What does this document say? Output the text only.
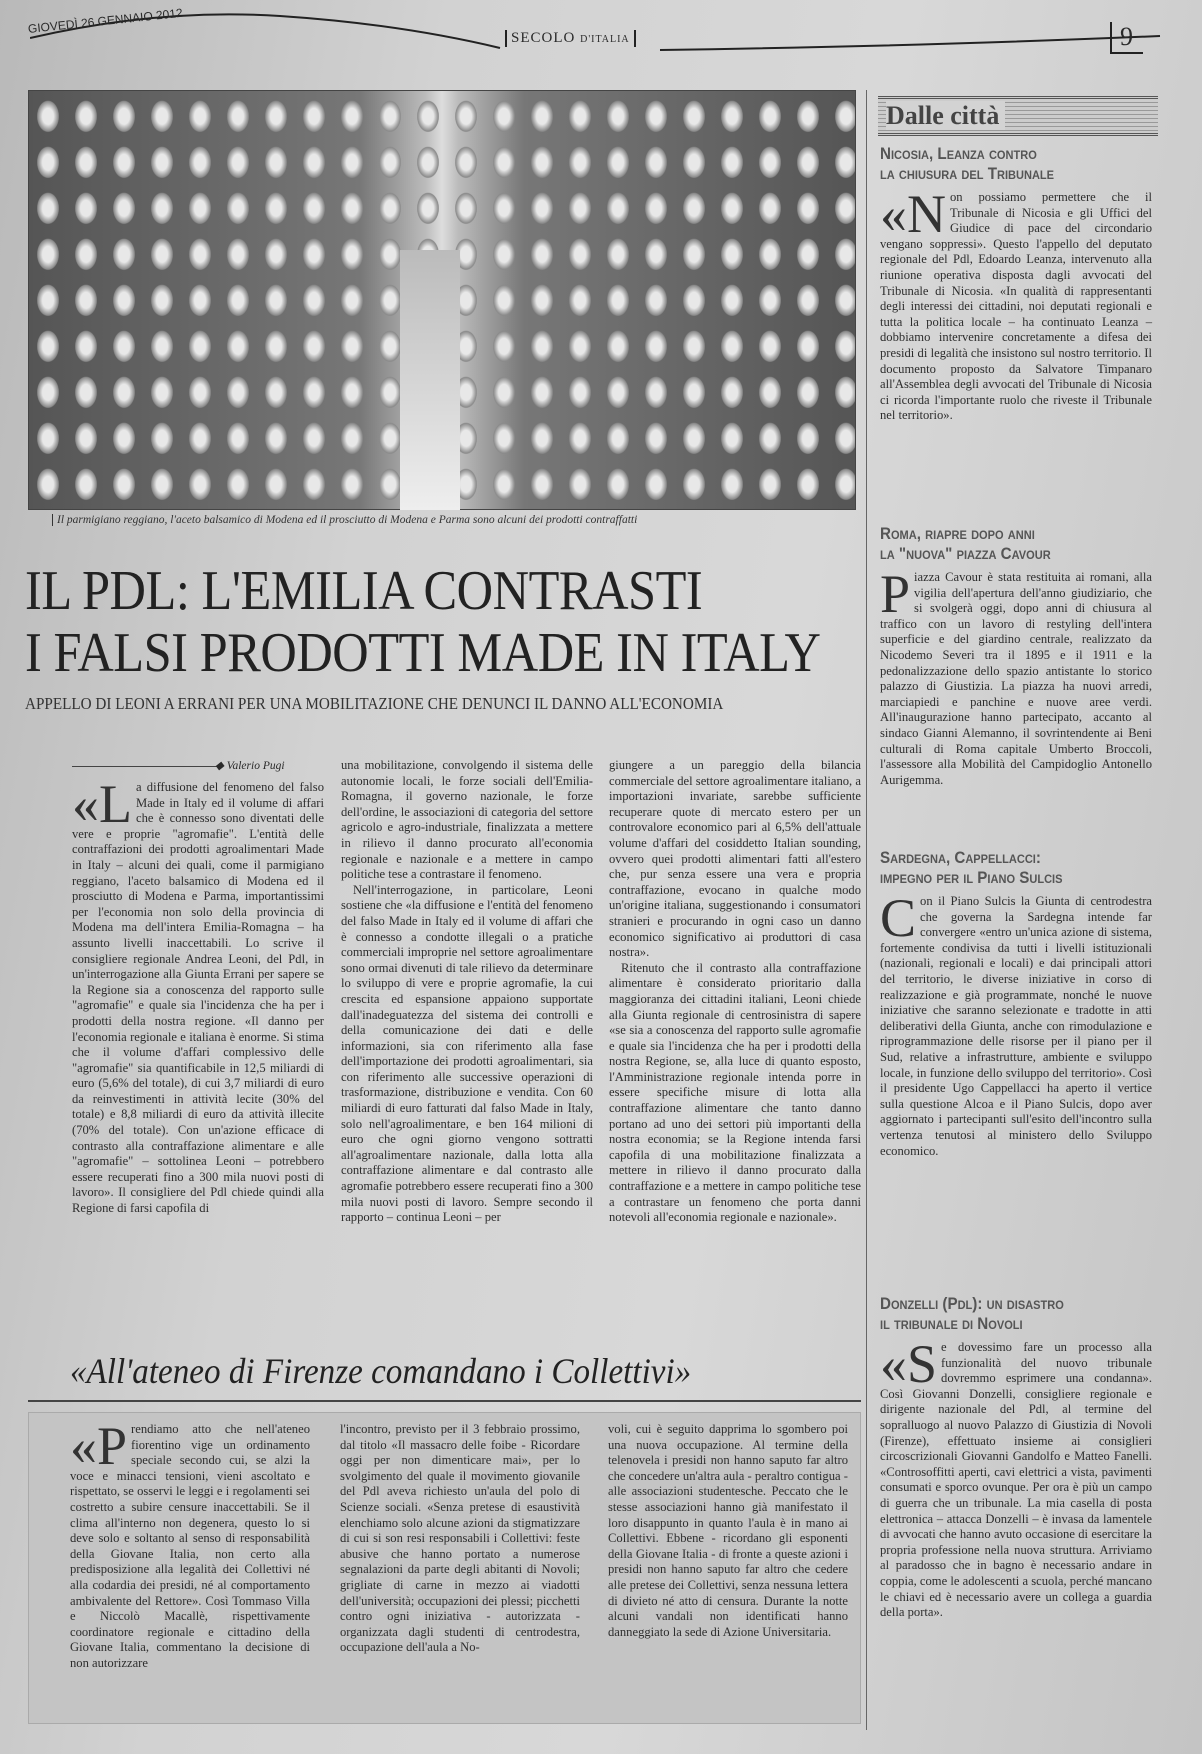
GIOVEDÌ 26 GENNAIO 2012
SECOLO D'ITALIA	9
Il parmigiano reggiano, l'aceto balsamico di Modena ed il prosciutto di Modena e Parma sono alcuni dei prodotti contraffatti
IL PDL: L'EMILIA CONTRASTI
I FALSI PRODOTTI MADE IN ITALY
APPELLO DI LEONI A ERRANI PER UNA MOBILITAZIONE CHE DENUNCI IL DANNO ALL'ECONOMIA
◆ Valerio Pugi

«La diffusione del fenomeno del falso Made in Italy ed il volume di affari che è connesso sono diventati delle vere e proprie "agromafie". L'entità delle contraffazioni dei prodotti agroalimentari Made in Italy – alcuni dei quali, come il parmigiano reggiano, l'aceto balsamico di Modena ed il prosciutto di Modena e Parma, importantissimi per l'economia non solo della provincia di Modena ma dell'intera Emilia-Romagna – ha assunto livelli inaccettabili. Lo scrive il consigliere regionale Andrea Leoni, del Pdl, in un'interrogazione alla Giunta Errani per sapere se la Regione sia a conoscenza del rapporto sulle "agromafie" e quale sia l'incidenza che ha per i prodotti della nostra regione. «Il danno per l'economia regionale e italiana è enorme. Si stima che il volume d'affari complessivo delle "agromafie" sia quantificabile in 12,5 miliardi di euro (5,6% del totale), di cui 3,7 miliardi di euro da reinvestimenti in attività lecite (30% del totale) e 8,8 miliardi di euro da attività illecite (70% del totale). Con un'azione efficace di contrasto alla contraffazione alimentare e alle "agromafie" – sottolinea Leoni – potrebbero essere recuperati fino a 300 mila nuovi posti di lavoro». Il consigliere del Pdl chiede quindi alla Regione di farsi capofila di

una mobilitazione, convolgendo il sistema delle autonomie locali, le forze sociali dell'Emilia-Romagna, il governo nazionale, le forze dell'ordine, le associazioni di categoria del settore agricolo e agro-industriale, finalizzata a mettere in rilievo il danno procurato all'economia regionale e nazionale e a mettere in campo politiche tese a contrastare il fenomeno.

Nell'interrogazione, in particolare, Leoni sostiene che «la diffusione e l'entità del fenomeno del falso Made in Italy ed il volume di affari che è connesso a condotte illegali o a pratiche commerciali improprie nel settore agroalimentare sono ormai divenuti di tale rilievo da determinare lo sviluppo di vere e proprie agromafie, la cui crescita ed espansione appaiono supportate dall'inadeguatezza del sistema dei controlli e della comunicazione dei dati e delle informazioni, sia con riferimento alla fase dell'importazione dei prodotti agroalimentari, sia con riferimento alle successive operazioni di trasformazione, distribuzione e vendita. Con 60 miliardi di euro fatturati dal falso Made in Italy, solo nell'agroalimentare, e ben 164 milioni di euro che ogni giorno vengono sottratti all'agroalimentare nazionale, dalla lotta alla contraffazione alimentare e dal contrasto alle agromafie potrebbero essere recuperati fino a 300 mila nuovi posti di lavoro. Sempre secondo il rapporto – continua Leoni – per

giungere a un pareggio della bilancia commerciale del settore agroalimentare italiano, a importazioni invariate, sarebbe sufficiente recuperare quote di mercato estero per un controvalore economico pari al 6,5% dell'attuale volume d'affari del cosiddetto Italian sounding, ovvero quei prodotti alimentari fatti all'estero che, pur senza essere una vera e propria contraffazione, evocano in qualche modo un'origine italiana, suggestionando i consumatori stranieri e procurando in ogni caso un danno economico significativo ai produttori di casa nostra».

Ritenuto che il contrasto alla contraffazione alimentare è considerato prioritario dalla maggioranza dei cittadini italiani, Leoni chiede alla Giunta regionale di centrosinistra di sapere «se sia a conoscenza del rapporto sulle agromafie e quale sia l'incidenza che ha per i prodotti della nostra Regione, se, alla luce di quanto esposto, l'Amministrazione regionale intenda porre in essere specifiche misure di lotta alla contraffazione alimentare che tanto danno portano ad uno dei settori più importanti della nostra economia; se la Regione intenda farsi capofila di una mobilitazione finalizzata a mettere in rilievo il danno procurato dalla contraffazione e a mettere in campo politiche tese a contrastare un fenomeno che porta danni notevoli all'economia regionale e nazionale».

«All'ateneo di Firenze comandano i Collettivi»

«Prendiamo atto che nell'ateneo fiorentino vige un ordinamento speciale secondo cui, se alzi la voce e minacci tensioni, vieni ascoltato e rispettato, se osservi le leggi e i regolamenti sei costretto a subire censure inaccettabili. Se il clima all'interno non degenera, questo lo si deve solo e soltanto al senso di responsabilità della Giovane Italia, non certo alla predisposizione alla legalità dei Collettivi né alla codardia dei presidi, né al comportamento ambivalente del Rettore». Così Tommaso Villa e Niccolò Macallè, rispettivamente coordinatore regionale e cittadino della Giovane Italia, commentano la decisione di non autorizzare

l'incontro, previsto per il 3 febbraio prossimo, dal titolo «Il massacro delle foibe - Ricordare oggi per non dimenticare mai», per lo svolgimento del quale il movimento giovanile del Pdl aveva richiesto un'aula del polo di Scienze sociali. «Senza pretese di esaustività elenchiamo solo alcune azioni da stigmatizzare di cui si son resi responsabili i Collettivi: feste abusive che hanno portato a numerose segnalazioni da parte degli abitanti di Novoli; grigliate di carne in mezzo ai viadotti dell'università; occupazioni dei plessi; picchetti contro ogni iniziativa - autorizzata - organizzata dagli studenti di centrodestra, occupazione dell'aula a No-

voli, cui è seguito dapprima lo sgombero poi una nuova occupazione. Al termine della telenovela i presidi non hanno saputo far altro che concedere un'altra aula - peraltro contigua - alle associazioni studentesche. Peccato che le stesse associazioni hanno già manifestato il loro disappunto in quanto l'aula è in mano ai Collettivi. Ebbene - ricordano gli esponenti della Giovane Italia - di fronte a queste azioni i presidi non hanno saputo far altro che cedere alle pretese dei Collettivi, senza nessuna lettera di divieto né atto di censura. Durante la notte alcuni vandali non identificati hanno danneggiato la sede di Azione Universitaria.

Dalle città
Nicosia, Leanza contro
la chiusura del Tribunale
«Non possiamo permettere che il Tribunale di Nicosia e gli Uffici del Giudice di pace del circondario vengano soppressi». Questo l'appello del deputato regionale del Pdl, Edoardo Leanza, intervenuto alla riunione operativa disposta dagli avvocati del Tribunale di Nicosia. «In qualità di rappresentanti degli interessi dei cittadini, noi deputati regionali e tutta la politica locale – ha continuato Leanza – dobbiamo intervenire concretamente a difesa dei presidi di legalità che insistono sul nostro territorio. Il documento proposto da Salvatore Timpanaro all'Assemblea degli avvocati del Tribunale di Nicosia ci ricorda l'importante ruolo che riveste il Tribunale nel territorio».
Roma, riapre dopo anni
la "nuova" piazza Cavour
Piazza Cavour è stata restituita ai romani, alla vigilia dell'apertura dell'anno giudiziario, che si svolgerà oggi, dopo anni di chiusura al traffico con un lavoro di restyling dell'intera superficie e del giardino centrale, realizzato da Nicodemo Severi tra il 1895 e il 1911 e la pedonalizzazione dello spazio antistante lo storico palazzo di Giustizia. La piazza ha nuovi arredi, marciapiedi e panchine e nuove aree verdi. All'inaugurazione hanno partecipato, accanto al sindaco Gianni Alemanno, il sovrintendente ai Beni culturali di Roma capitale Umberto Broccoli, l'assessore alla Mobilità del Campidoglio Antonello Aurigemma.
Sardegna, Cappellacci:
impegno per il Piano Sulcis
Con il Piano Sulcis la Giunta di centrodestra che governa la Sardegna intende far convergere «entro un'unica azione di sistema, fortemente condivisa da tutti i livelli istituzionali (nazionali, regionali e locali) e dai principali attori del territorio, le diverse iniziative in corso di realizzazione e già programmate, nonché le nuove iniziative che saranno selezionate e tradotte in atti deliberativi della Giunta, anche con rimodulazione e riprogrammazione delle risorse per il piano per il Sud, relative a infrastrutture, ambiente e sviluppo locale, in funzione dello sviluppo del territorio». Così il presidente Ugo Cappellacci ha aperto il vertice sulla questione Alcoa e il Piano Sulcis, dopo aver aggiornato i partecipanti sull'esito dell'incontro sulla vertenza tenutosi al ministero dello Sviluppo economico.
Donzelli (Pdl): un disastro
il tribunale di Novoli
«Se dovessimo fare un processo alla funzionalità del nuovo tribunale dovremmo esprimere una condanna». Così Giovanni Donzelli, consigliere regionale e dirigente nazionale del Pdl, al termine del sopralluogo al nuovo Palazzo di Giustizia di Novoli (Firenze), effettuato insieme ai consiglieri circoscrizionali Giovanni Gandolfo e Matteo Fanelli. «Controsoffitti aperti, cavi elettrici a vista, pavimenti consumati e sporco ovunque. Per ora è più un campo di guerra che un tribunale. La mia casella di posta elettronica – attacca Donzelli – è invasa da lamentele di avvocati che hanno avuto occasione di esercitare la propria professione nella nuova struttura. Arriviamo al paradosso che in bagno è necessario andare in coppia, come le adolescenti a scuola, perché mancano le chiavi ed è necessario avere un collega a guardia della porta».
